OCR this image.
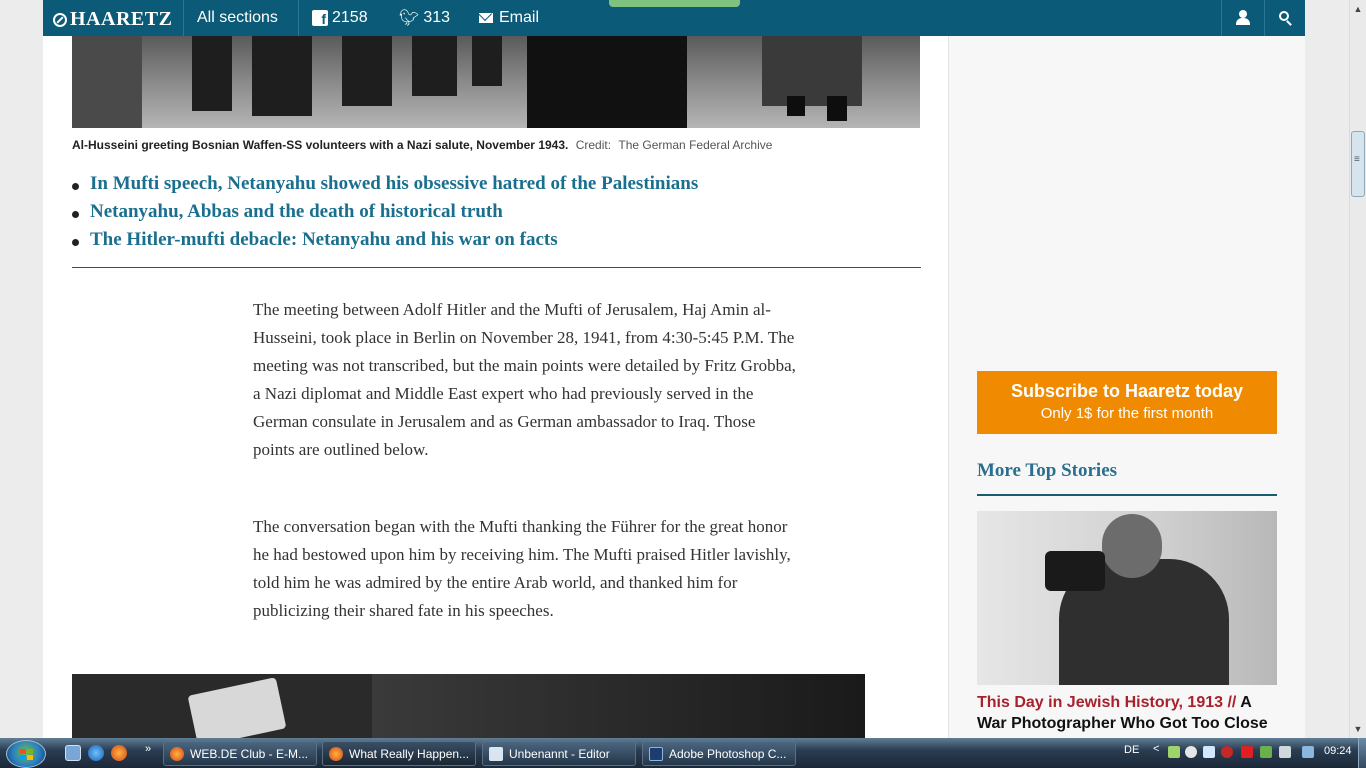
HAARETZ All sections	f 2158 🐦︎ 313	Email
Al-Husseini greeting Bosnian Waffen-SS volunteers with a Nazi salute, November 1943. Credit: The German Federal Archive
In Mufti speech, Netanyahu showed his obsessive hatred of the Palestinians
Netanyahu, Abbas and the death of historical truth
The Hitler-mufti debacle: Netanyahu and his war on facts

The meeting between Adolf Hitler and the Mufti of Jerusalem, Haj Amin al-Husseini, took place in Berlin on November 28, 1941, from 4:30-5:45 P.M. The meeting was not transcribed, but the main points were detailed by Fritz Grobba, a Nazi diplomat and Middle East expert who had previously served in the German consulate in Jerusalem and as German ambassador to Iraq. Those points are outlined below.

The conversation began with the Mufti thanking the Führer for the great honor he had bestowed upon him by receiving him. The Mufti praised Hitler lavishly, told him he was admired by the entire Arab world, and thanked him for publicizing their shared fate in his speeches.

Subscribe to Haaretz today
Only 1$ for the first month
More Top Stories
This Day in Jewish History, 1913 // A War Photographer Who Got Too Close
▲
≡
▼
»	WEB.DE Club - E-M...	What Really Happen...	Unbenannt - Editor	Adobe Photoshop C...	DE <	09:24
